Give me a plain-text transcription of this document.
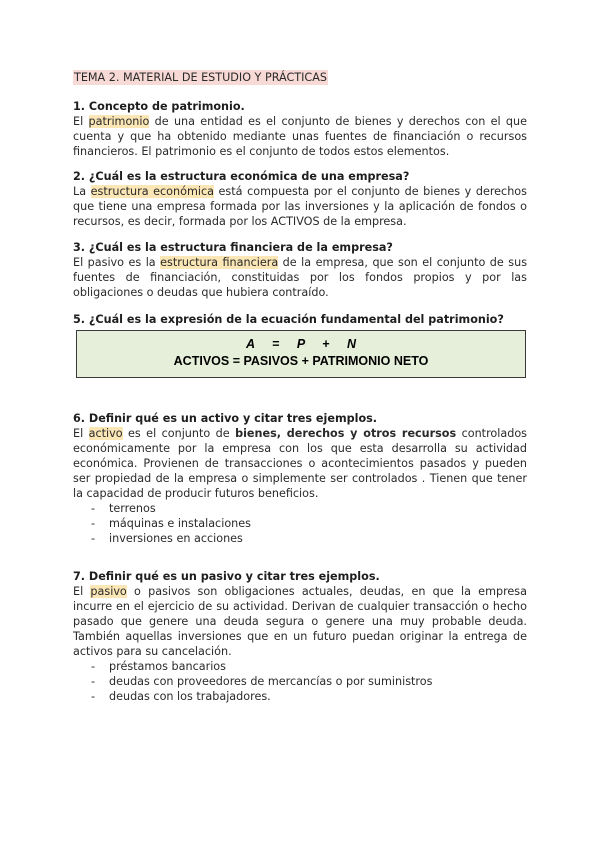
TEMA 2. MATERIAL DE ESTUDIO Y PRÁCTICAS
1. Concepto de patrimonio.
El patrimonio de una entidad es el conjunto de bienes y derechos con el que cuenta y que ha obtenido mediante unas fuentes de financiación o recursos financieros. El patrimonio es el conjunto de todos estos elementos.
2. ¿Cuál es la estructura económica de una empresa?
La estructura económica está compuesta por el conjunto de bienes y derechos que tiene una empresa formada por las inversiones y la aplicación de fondos o recursos, es decir, formada por los ACTIVOS de la empresa.
3. ¿Cuál es la estructura financiera de la empresa?
El pasivo es la estructura financiera de la empresa, que son el conjunto de sus fuentes de financiación, constituidas por los fondos propios y por las obligaciones o deudas que hubiera contraído.
5. ¿Cuál es la expresión de la ecuación fundamental del patrimonio?
A = P + N
ACTIVOS = PASIVOS + PATRIMONIO NETO
6. Definir qué es un activo y citar tres ejemplos.
El activo es el conjunto de bienes, derechos y otros recursos controlados económicamente por la empresa con los que esta desarrolla su actividad económica. Provienen de transacciones o acontecimientos pasados y pueden ser propiedad de la empresa o simplemente ser controlados . Tienen que tener la capacidad de producir futuros beneficios.
- terrenos
- máquinas e instalaciones
- inversiones en acciones
7. Definir qué es un pasivo y citar tres ejemplos.
El pasivo o pasivos son obligaciones actuales, deudas, en que la empresa incurre en el ejercicio de su actividad. Derivan de cualquier transacción o hecho pasado que genere una deuda segura o genere una muy probable deuda. También aquellas inversiones que en un futuro puedan originar la entrega de activos para su cancelación.
- préstamos bancarios
- deudas con proveedores de mercancías o por suministros
- deudas con los trabajadores.
